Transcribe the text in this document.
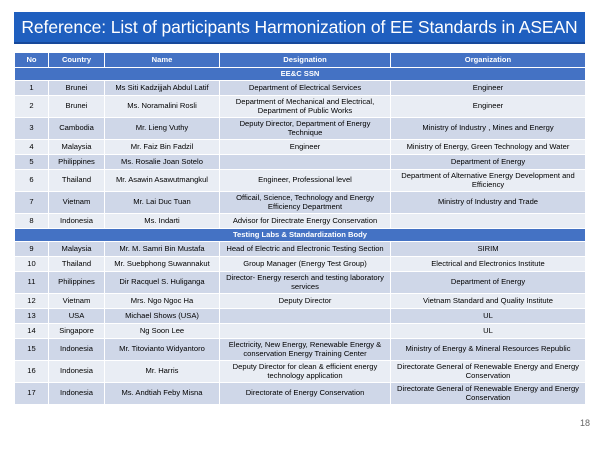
Reference: List of participants Harmonization of EE Standards in ASEAN
No	Country	Name	Designation	Organization
EE&C SSN				
1	Brunei	Ms Siti Kadzijjah Abdul Latif	Department of Electrical Services	Engineer
2	Brunei	Ms. Noramalini Rosli	Department of Mechanical and Electrical, Department of Public Works	Engineer
3	Cambodia	Mr. Lieng Vuthy	Deputy Director, Department of Energy Technique	Ministry of Industry , Mines and Energy
4	Malaysia	Mr. Faiz Bin Fadzil	Engineer	Ministry of Energy, Green Technology and Water
5	Philippines	Ms. Rosalie Joan Sotelo		Department of Energy
6	Thailand	Mr. Asawin Asawutmangkul	Engineer, Professional level	Department of Alternative Energy Development and Efficiency
7	Vietnam	Mr. Lai Duc Tuan	Officail, Science, Technology and Energy Efficiency Department	Ministry of Industry and Trade
8	Indonesia	Ms. Indarti	Advisor for Directrate Energy Conservation	
Testing Labs & Standardization Body				
9	Malaysia	Mr. M. Samri Bin Mustafa	Head of Electric and Electronic Testing Section	SIRIM
10	Thailand	Mr. Suebphong Suwannakut	Group Manager (Energy Test Group)	Electrical and Electronics Institute
11	Philippines	Dir Racquel S. Huliganga	Director- Energy reserch and testing laboratory services	Department of Energy
12	Vietnam	Mrs. Ngo Ngoc Ha	Deputy Director	Vietnam Standard and Quality Institute
13	USA	Michael Shows (USA)		UL
14	Singapore	Ng Soon Lee		UL
15	Indonesia	Mr. Titovianto Widyantoro	Electricity, New Energy, Renewable Energy & conservation Energy Training Center	Ministry of Energy & Mineral Resources Republic
16	Indonesia	Mr. Harris	Deputy Director for clean & efficient energy technology application	Directorate General of Renewable Energy and Energy Conservation
17	Indonesia	Ms. Andtiah Feby Misna	Directorate of Energy Conservation	Directorate General of Renewable Energy and Energy Conservation
18
